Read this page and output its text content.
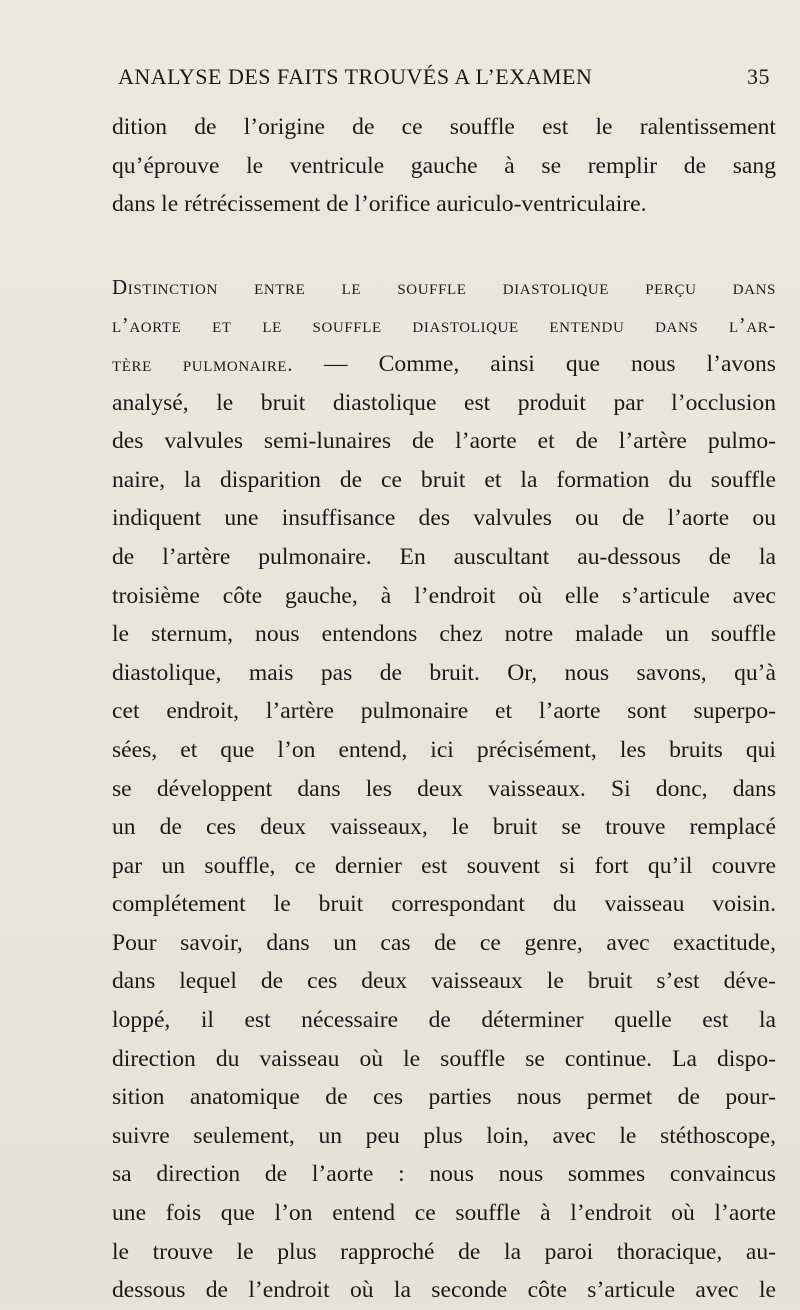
ANALYSE DES FAITS TROUVÉS A L’EXAMEN	35
dition de l’origine de ce souffle est le ralentissement
qu’éprouve le ventricule gauche à se remplir de sang
dans le rétrécissement de l’orifice auriculo-ventriculaire.
Distinction entre le souffle diastolique perçu dans
l’aorte et le souffle diastolique entendu dans l’ar-
tère pulmonaire. — Comme, ainsi que nous l’avons
analysé, le bruit diastolique est produit par l’occlusion
des valvules semi-lunaires de l’aorte et de l’artère pulmo-
naire, la disparition de ce bruit et la formation du souffle
indiquent une insuffisance des valvules ou de l’aorte ou
de l’artère pulmonaire. En auscultant au-dessous de la
troisième côte gauche, à l’endroit où elle s’articule avec
le sternum, nous entendons chez notre malade un souffle
diastolique, mais pas de bruit. Or, nous savons, qu’à
cet endroit, l’artère pulmonaire et l’aorte sont superpo-
sées, et que l’on entend, ici précisément, les bruits qui
se développent dans les deux vaisseaux. Si donc, dans
un de ces deux vaisseaux, le bruit se trouve remplacé
par un souffle, ce dernier est souvent si fort qu’il couvre
complétement le bruit correspondant du vaisseau voisin.
Pour savoir, dans un cas de ce genre, avec exactitude,
dans lequel de ces deux vaisseaux le bruit s’est déve-
loppé, il est nécessaire de déterminer quelle est la
direction du vaisseau où le souffle se continue. La dispo-
sition anatomique de ces parties nous permet de pour-
suivre seulement, un peu plus loin, avec le stéthoscope,
sa direction de l’aorte : nous nous sommes convaincus
une fois que l’on entend ce souffle à l’endroit où l’aorte
le trouve le plus rapproché de la paroi thoracique, au-
dessous de l’endroit où la seconde côte s’articule avec le
